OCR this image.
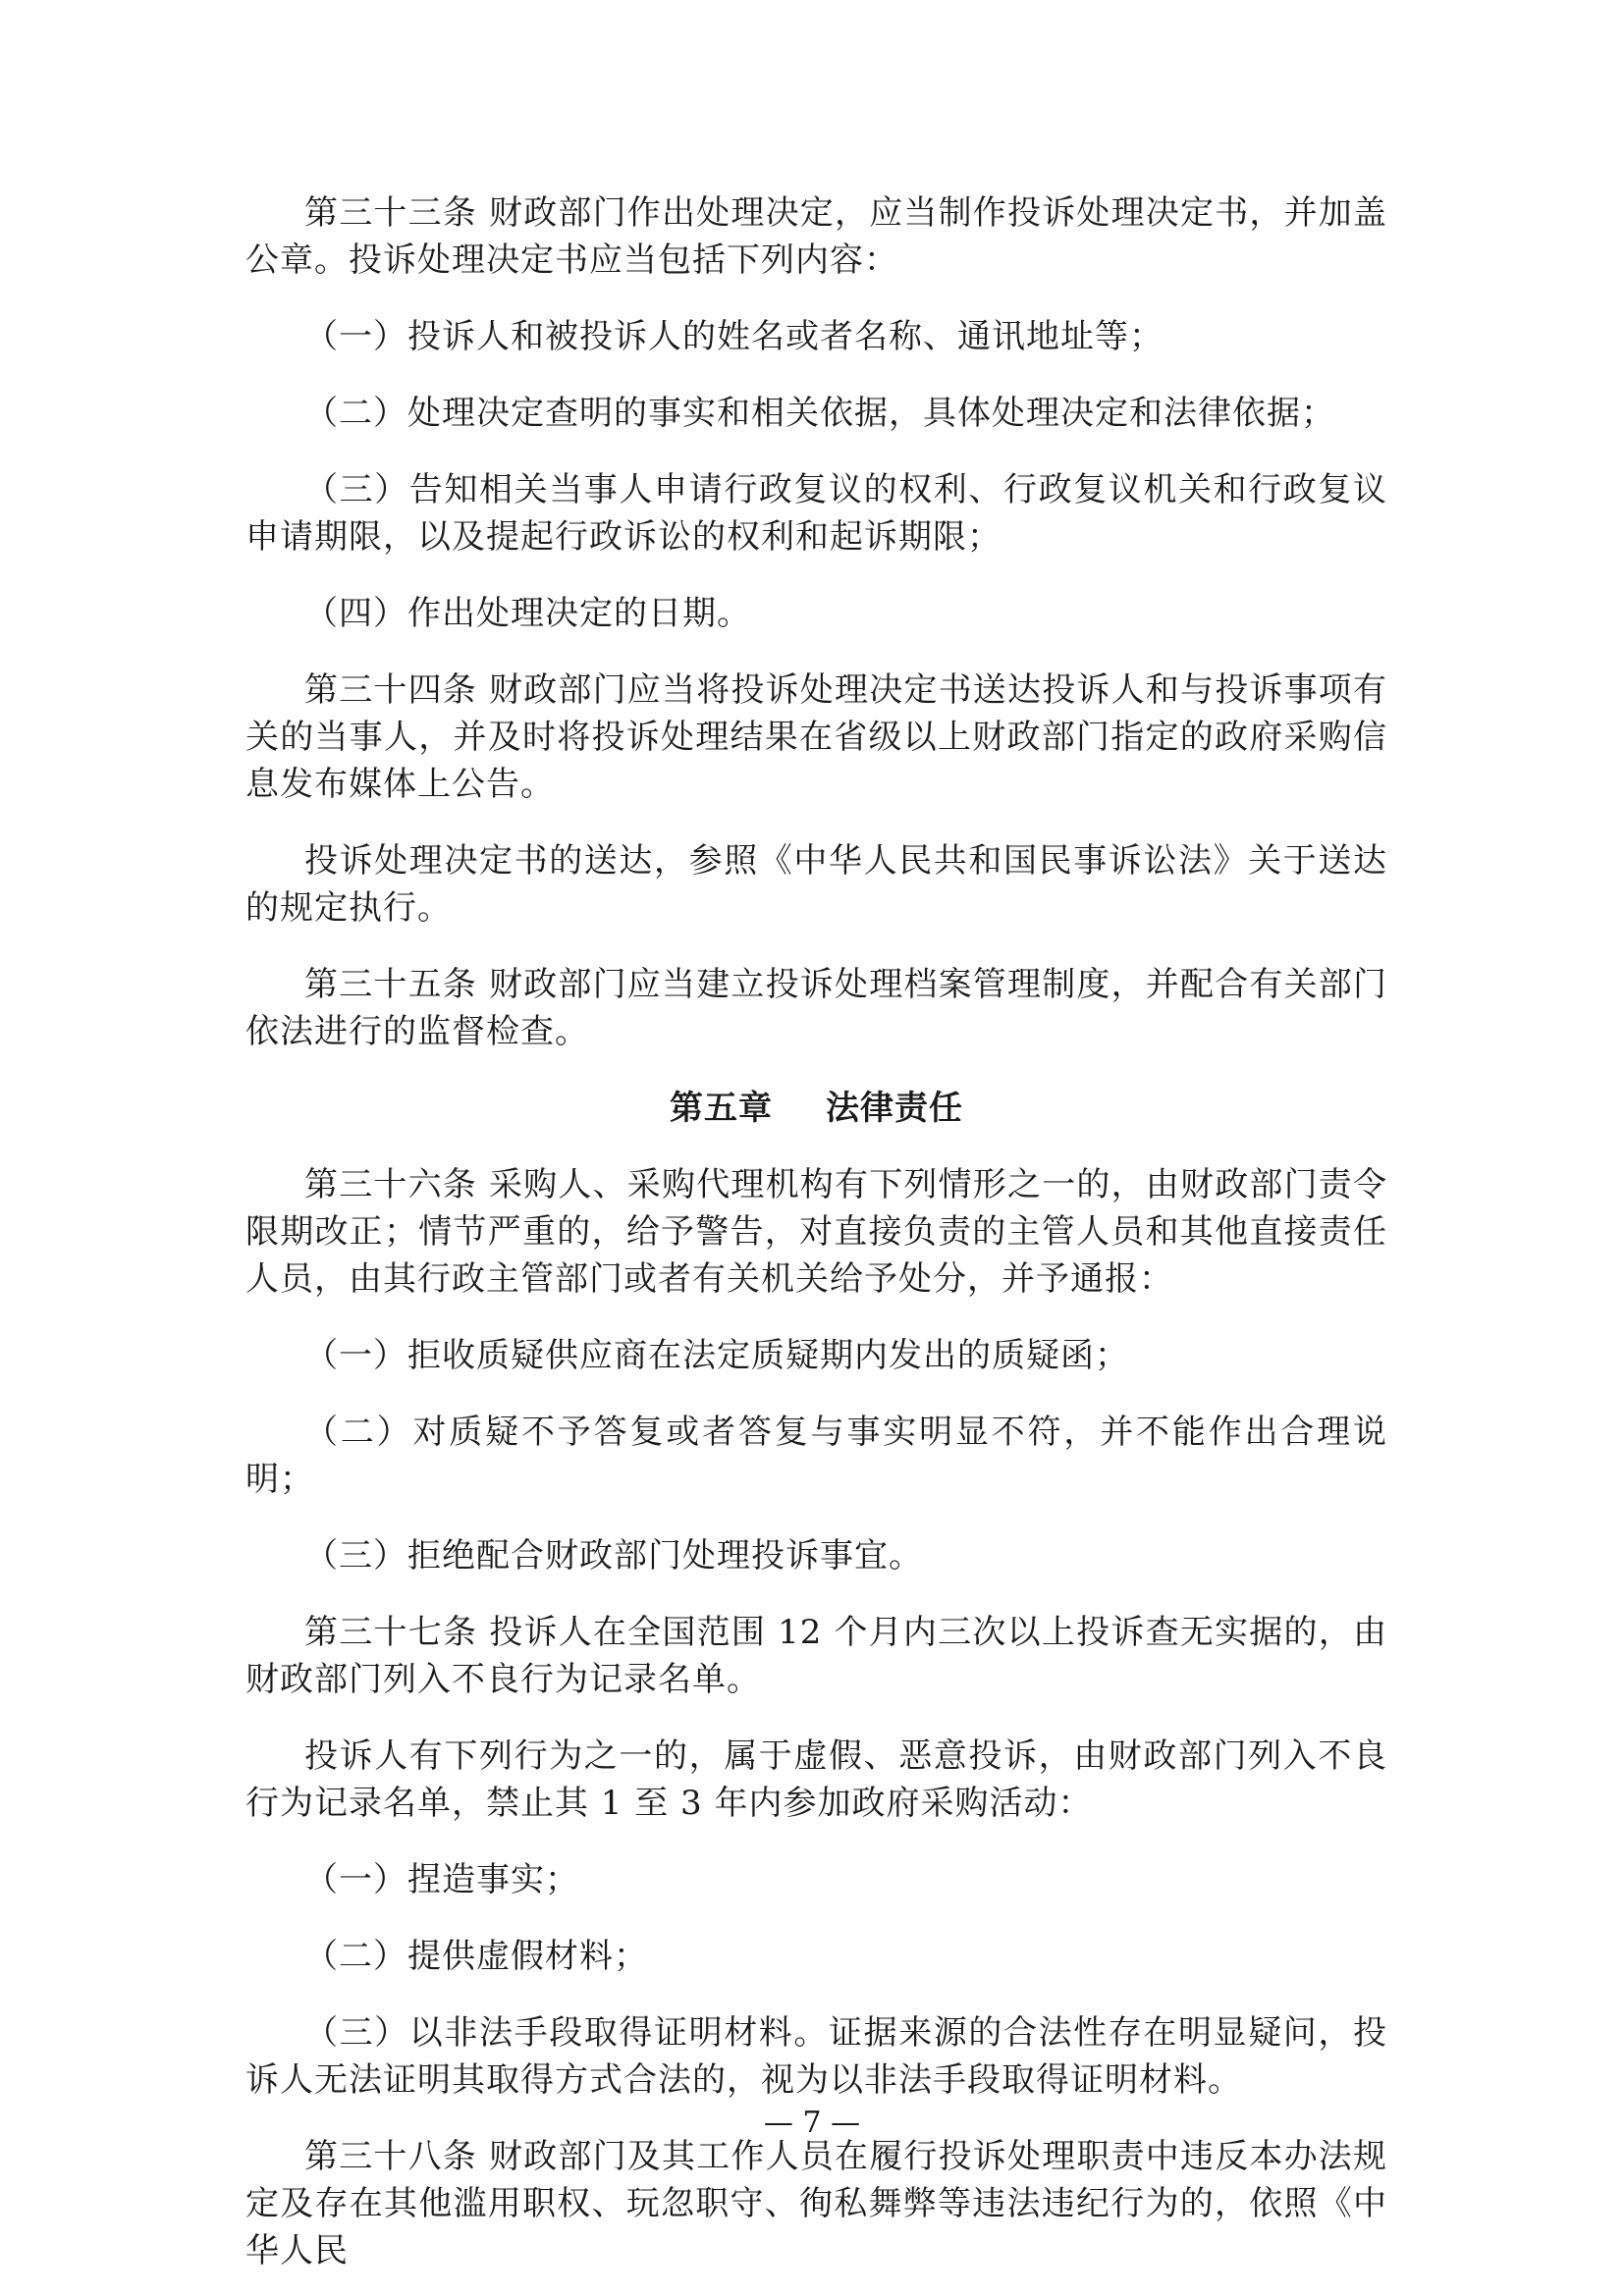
第三十三条 财政部门作出处理决定，应当制作投诉处理决定书，并加盖公章。投诉处理决定书应当包括下列内容：

（一）投诉人和被投诉人的姓名或者名称、通讯地址等；

（二）处理决定查明的事实和相关依据，具体处理决定和法律依据；

（三）告知相关当事人申请行政复议的权利、行政复议机关和行政复议申请期限，以及提起行政诉讼的权利和起诉期限；

（四）作出处理决定的日期。

第三十四条 财政部门应当将投诉处理决定书送达投诉人和与投诉事项有关的当事人，并及时将投诉处理结果在省级以上财政部门指定的政府采购信息发布媒体上公告。

投诉处理决定书的送达，参照《中华人民共和国民事诉讼法》关于送达的规定执行。

第三十五条 财政部门应当建立投诉处理档案管理制度，并配合有关部门依法进行的监督检查。

第五章 法律责任

第三十六条 采购人、采购代理机构有下列情形之一的，由财政部门责令限期改正；情节严重的，给予警告，对直接负责的主管人员和其他直接责任人员，由其行政主管部门或者有关机关给予处分，并予通报：

（一）拒收质疑供应商在法定质疑期内发出的质疑函；

（二）对质疑不予答复或者答复与事实明显不符，并不能作出合理说明；

（三）拒绝配合财政部门处理投诉事宜。

第三十七条 投诉人在全国范围 12 个月内三次以上投诉查无实据的，由财政部门列入不良行为记录名单。

投诉人有下列行为之一的，属于虚假、恶意投诉，由财政部门列入不良行为记录名单，禁止其 1 至 3 年内参加政府采购活动：

（一）捏造事实；

（二）提供虚假材料；

（三）以非法手段取得证明材料。证据来源的合法性存在明显疑问，投诉人无法证明其取得方式合法的，视为以非法手段取得证明材料。

第三十八条 财政部门及其工作人员在履行投诉处理职责中违反本办法规定及存在其他滥用职权、玩忽职守、徇私舞弊等违法违纪行为的，依照《中华人民

— 7 —
